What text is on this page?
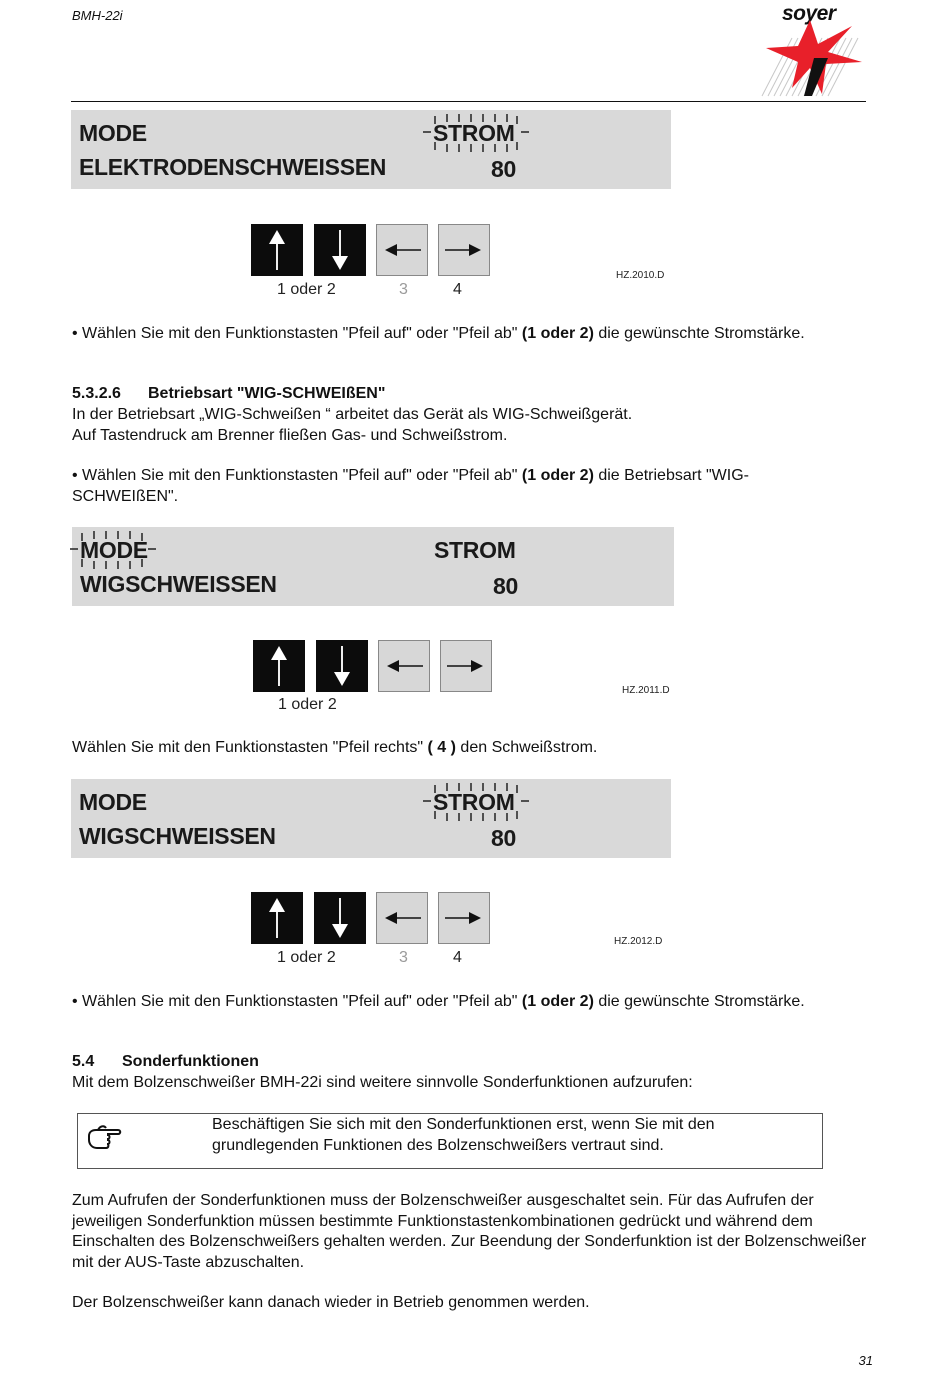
BMH-22i	soyer
MODE	STROM
ELEKTRODENSCHWEISSEN	80
1 oder 2	3	4
HZ.2010.D
• Wählen Sie mit den Funktionstasten "Pfeil auf" oder "Pfeil ab" (1 oder 2) die gewünschte Stromstärke.
5.3.2.6 Betriebsart "WIG-SCHWEIßEN"
In der Betriebsart „WIG-Schweißen “ arbeitet das Gerät als WIG-Schweißgerät.
Auf Tastendruck am Brenner fließen Gas- und Schweißstrom.
• Wählen Sie mit den Funktionstasten "Pfeil auf" oder "Pfeil ab" (1 oder 2) die Betriebsart "WIG-SCHWEIßEN".
MODE	STROM
WIGSCHWEISSEN	80
1 oder 2
HZ.2011.D
Wählen Sie mit den Funktionstasten "Pfeil rechts" ( 4 ) den Schweißstrom.
MODE	STROM
WIGSCHWEISSEN	80
1 oder 2	3	4
HZ.2012.D
• Wählen Sie mit den Funktionstasten "Pfeil auf" oder "Pfeil ab" (1 oder 2) die gewünschte Stromstärke.
5.4 Sonderfunktionen
Mit dem Bolzenschweißer BMH-22i sind weitere sinnvolle Sonderfunktionen aufzurufen:
Beschäftigen Sie sich mit den Sonderfunktionen erst, wenn Sie mit den grundlegenden Funktionen des Bolzenschweißers vertraut sind.
Zum Aufrufen der Sonderfunktionen muss der Bolzenschweißer ausgeschaltet sein. Für das Aufrufen der jeweiligen Sonderfunktion müssen bestimmte Funktionstastenkombinationen gedrückt und während dem Einschalten des Bolzenschweißers gehalten werden. Zur Beendung der Sonderfunktion ist der Bolzenschweißer mit der AUS-Taste abzuschalten.
Der Bolzenschweißer kann danach wieder in Betrieb genommen werden.
31
